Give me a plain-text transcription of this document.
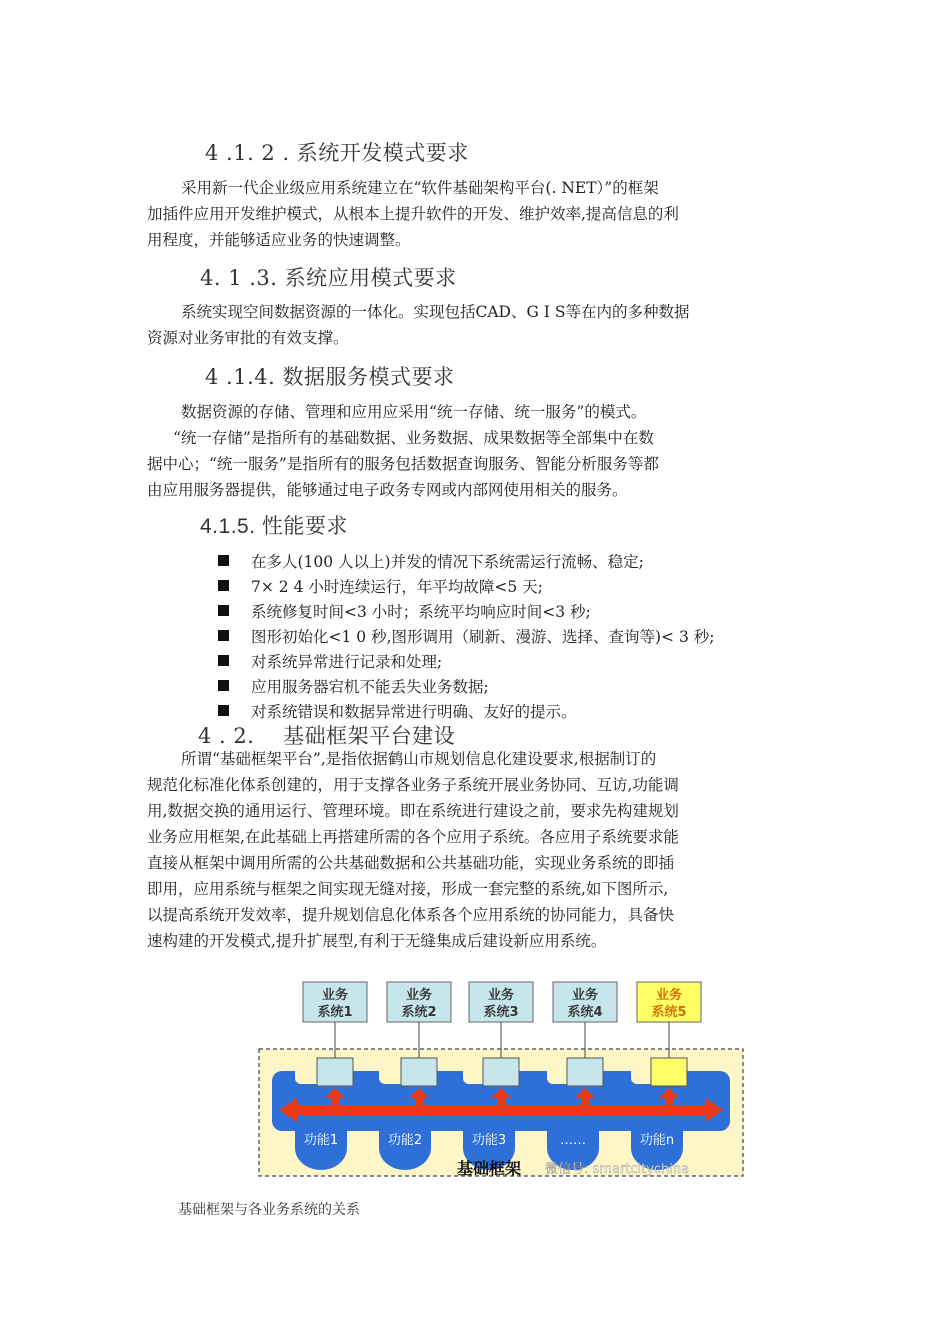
4 .1. 2 . 系统开发模式要求

采用新一代企业级应用系统建立在“软件基础架构平台(. NET）”的框架
加插件应用开发维护模式，从根本上提升软件的开发、维护效率,提高信息的利
用程度，并能够适应业务的快速调整。

4. 1 .3. 系统应用模式要求

系统实现空间数据资源的一体化。实现包括CAD、G I S等在内的多种数据
资源对业务审批的有效支撑。

4 .1.4. 数据服务模式要求

数据资源的存储、管理和应用应采用“统一存储、统一服务”的模式。
“统一存储”是指所有的基础数据、业务数据、成果数据等全部集中在数
据中心；“统一服务”是指所有的服务包括数据查询服务、智能分析服务等都
由应用服务器提供，能够通过电子政务专网或内部网使用相关的服务。

4.1.5. 性能要求
在多人(100 人以上)并发的情况下系统需运行流畅、稳定;
7× 2 4 小时连续运行，年平均故障<5 天;
系统修复时间<3 小时；系统平均响应时间<3 秒;
图形初始化<1 0 秒,图形调用（刷新、漫游、选择、查询等)< 3 秒;
对系统异常进行记录和处理;
应用服务器宕机不能丢失业务数据;
对系统错误和数据异常进行明确、友好的提示。
4 . 2.    基础框架平台建设

所谓“基础框架平台”,是指依据鹤山市规划信息化建设要求,根据制订的
规范化标准化体系创建的，用于支撑各业务子系统开展业务协同、互访,功能调
用,数据交换的通用运行、管理环境。即在系统进行建设之前，要求先构建规划
业务应用框架,在此基础上再搭建所需的各个应用子系统。各应用子系统要求能
直接从框架中调用所需的公共基础数据和公共基础功能，实现业务系统的即插
即用，应用系统与框架之间实现无缝对接，形成一套完整的系统,如下图所示,
以提高系统开发效率，提升规划信息化体系各个应用系统的协同能力，具备快
速构建的开发模式,提升扩展型,有利于无缝集成后建设新应用系统。

功能1	功能2	功能3	……	功能n
业务
系统1
业务
系统2
业务
系统3
业务
系统4
业务
系统5
基础框架 微信号: smartcitychina
基础框架与各业务系统的关系
